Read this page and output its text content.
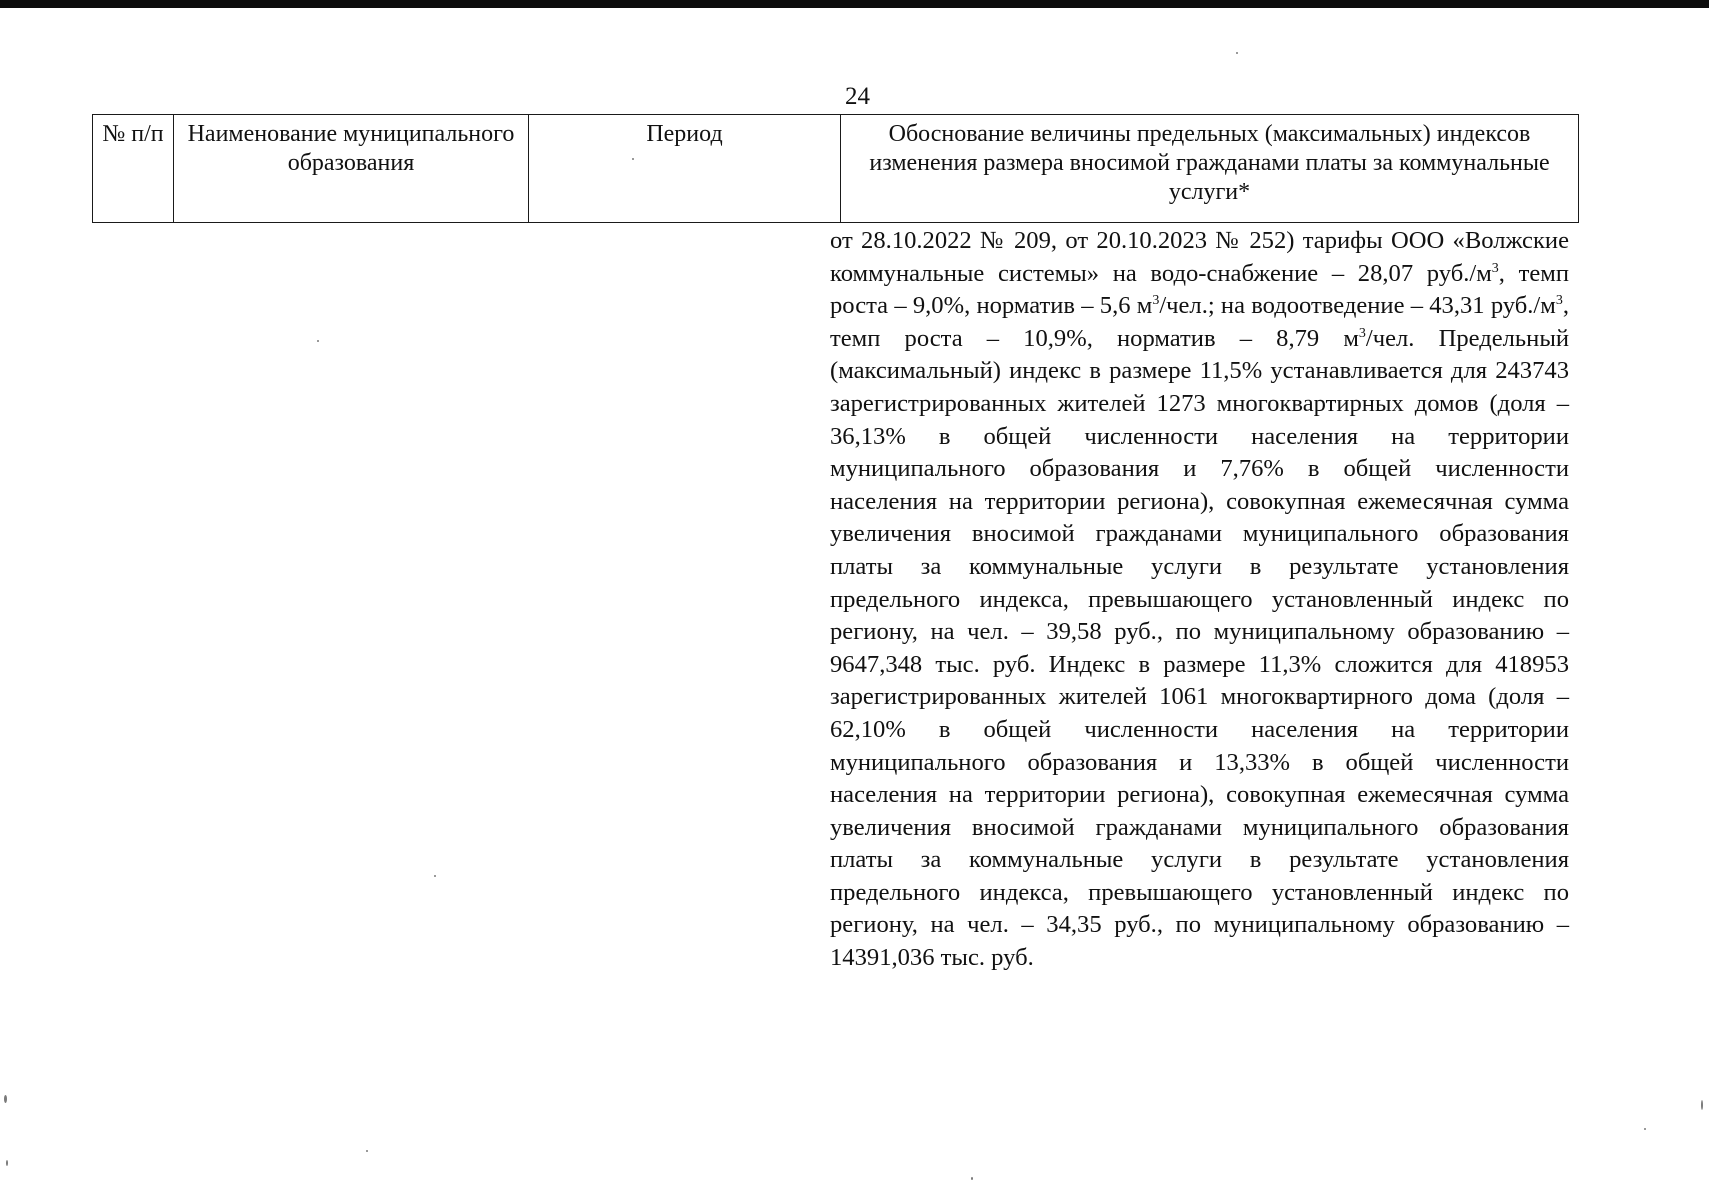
24
№ п/п	Наименование муниципального образования	Период	Обоснование величины предельных (максимальных) индексов изменения размера вносимой гражданами платы за коммунальные услуги*

от 28.10.2022 № 209, от 20.10.2023 № 252) тарифы ООО «Волжские коммунальные системы» на водо-снабжение – 28,07 $руб./м^3$, темп роста – 9,0%, норматив – 5,6 $м^3$/чел.; на водоотведение – 43,31 $руб./м^3$, темп роста – 10,9%, норматив – 8,79 $м^3$/чел. Предельный (максимальный) индекс в размере 11,5% устанавливается для 243743 зарегистрированных жителей 1273 многоквартирных домов (доля – 36,13% в общей численности населения на территории муниципального образования и 7,76% в общей численности населения на территории региона), совокупная ежемесячная сумма увеличения вносимой гражданами муниципального образования платы за коммунальные услуги в результате установления предельного индекса, превышающего установленный индекс по региону, на чел. – 39,58 руб., по муниципальному образованию – 9647,348 тыс. руб. Индекс в размере 11,3% сложится для 418953 зарегистрированных жителей 1061 многоквартирного дома (доля – 62,10% в общей численности населения на территории муниципального образования и 13,33% в общей численности населения на территории региона), совокупная ежемесячная сумма увеличения вносимой гражданами муниципального образования платы за коммунальные услуги в результате установления предельного индекса, превышающего установленный индекс по региону, на чел. – 34,35 руб., по муниципальному образованию – 14391,036 тыс. руб.
